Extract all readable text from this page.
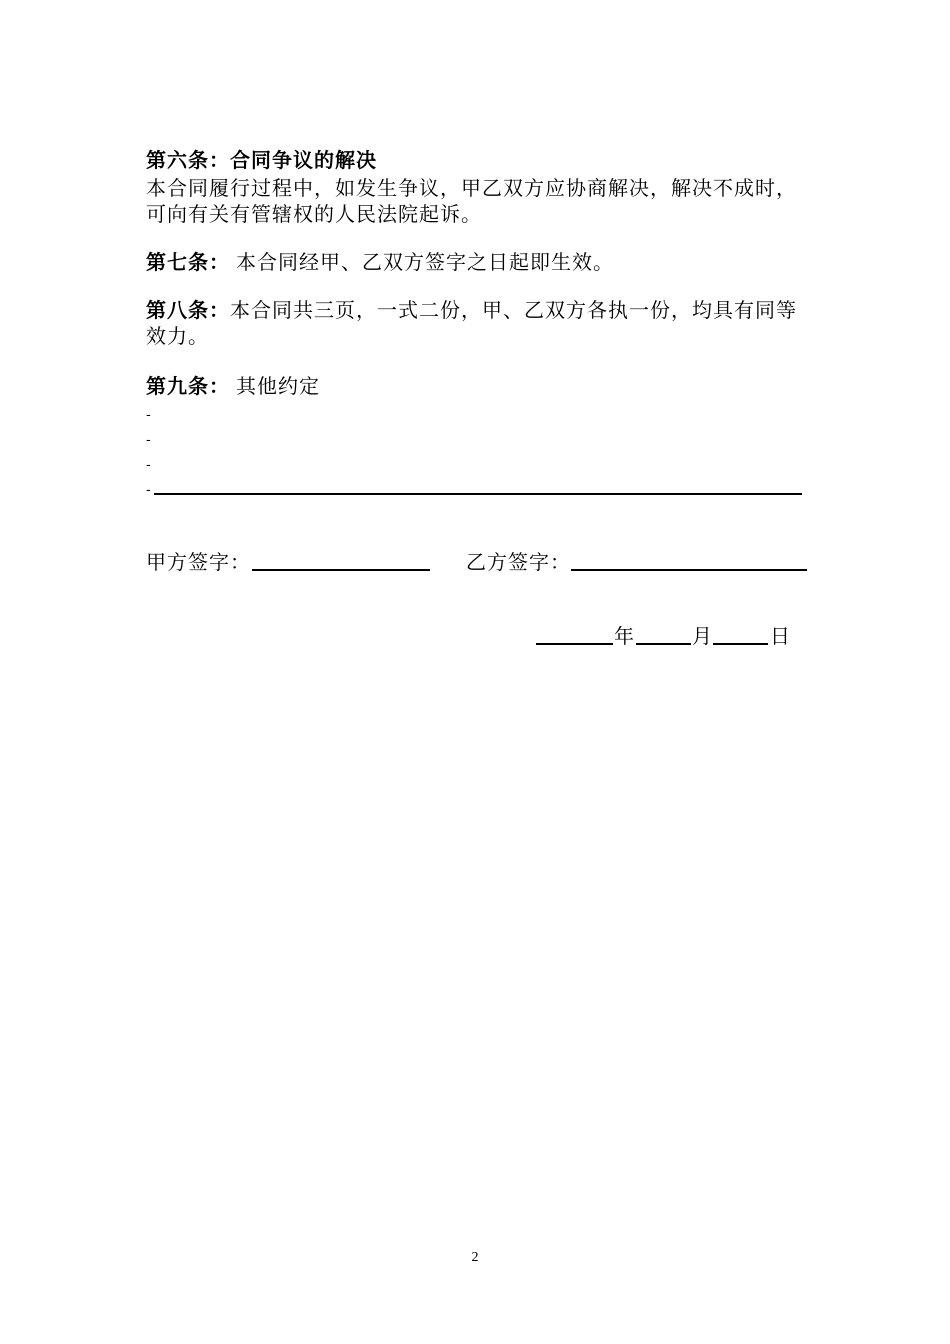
第六条：合同争议的解决
本合同履行过程中，如发生争议，甲乙双方应协商解决，解决不成时，
可向有关有管辖权的人民法院起诉。
第七条： 本合同经甲、乙双方签字之日起即生效。
第八条：本合同共三页，一式二份，甲、乙双方各执一份，均具有同等
效力。
第九条： 其他约定
-
-
-
-
甲方签字：	乙方签字：
年	月	日
2
